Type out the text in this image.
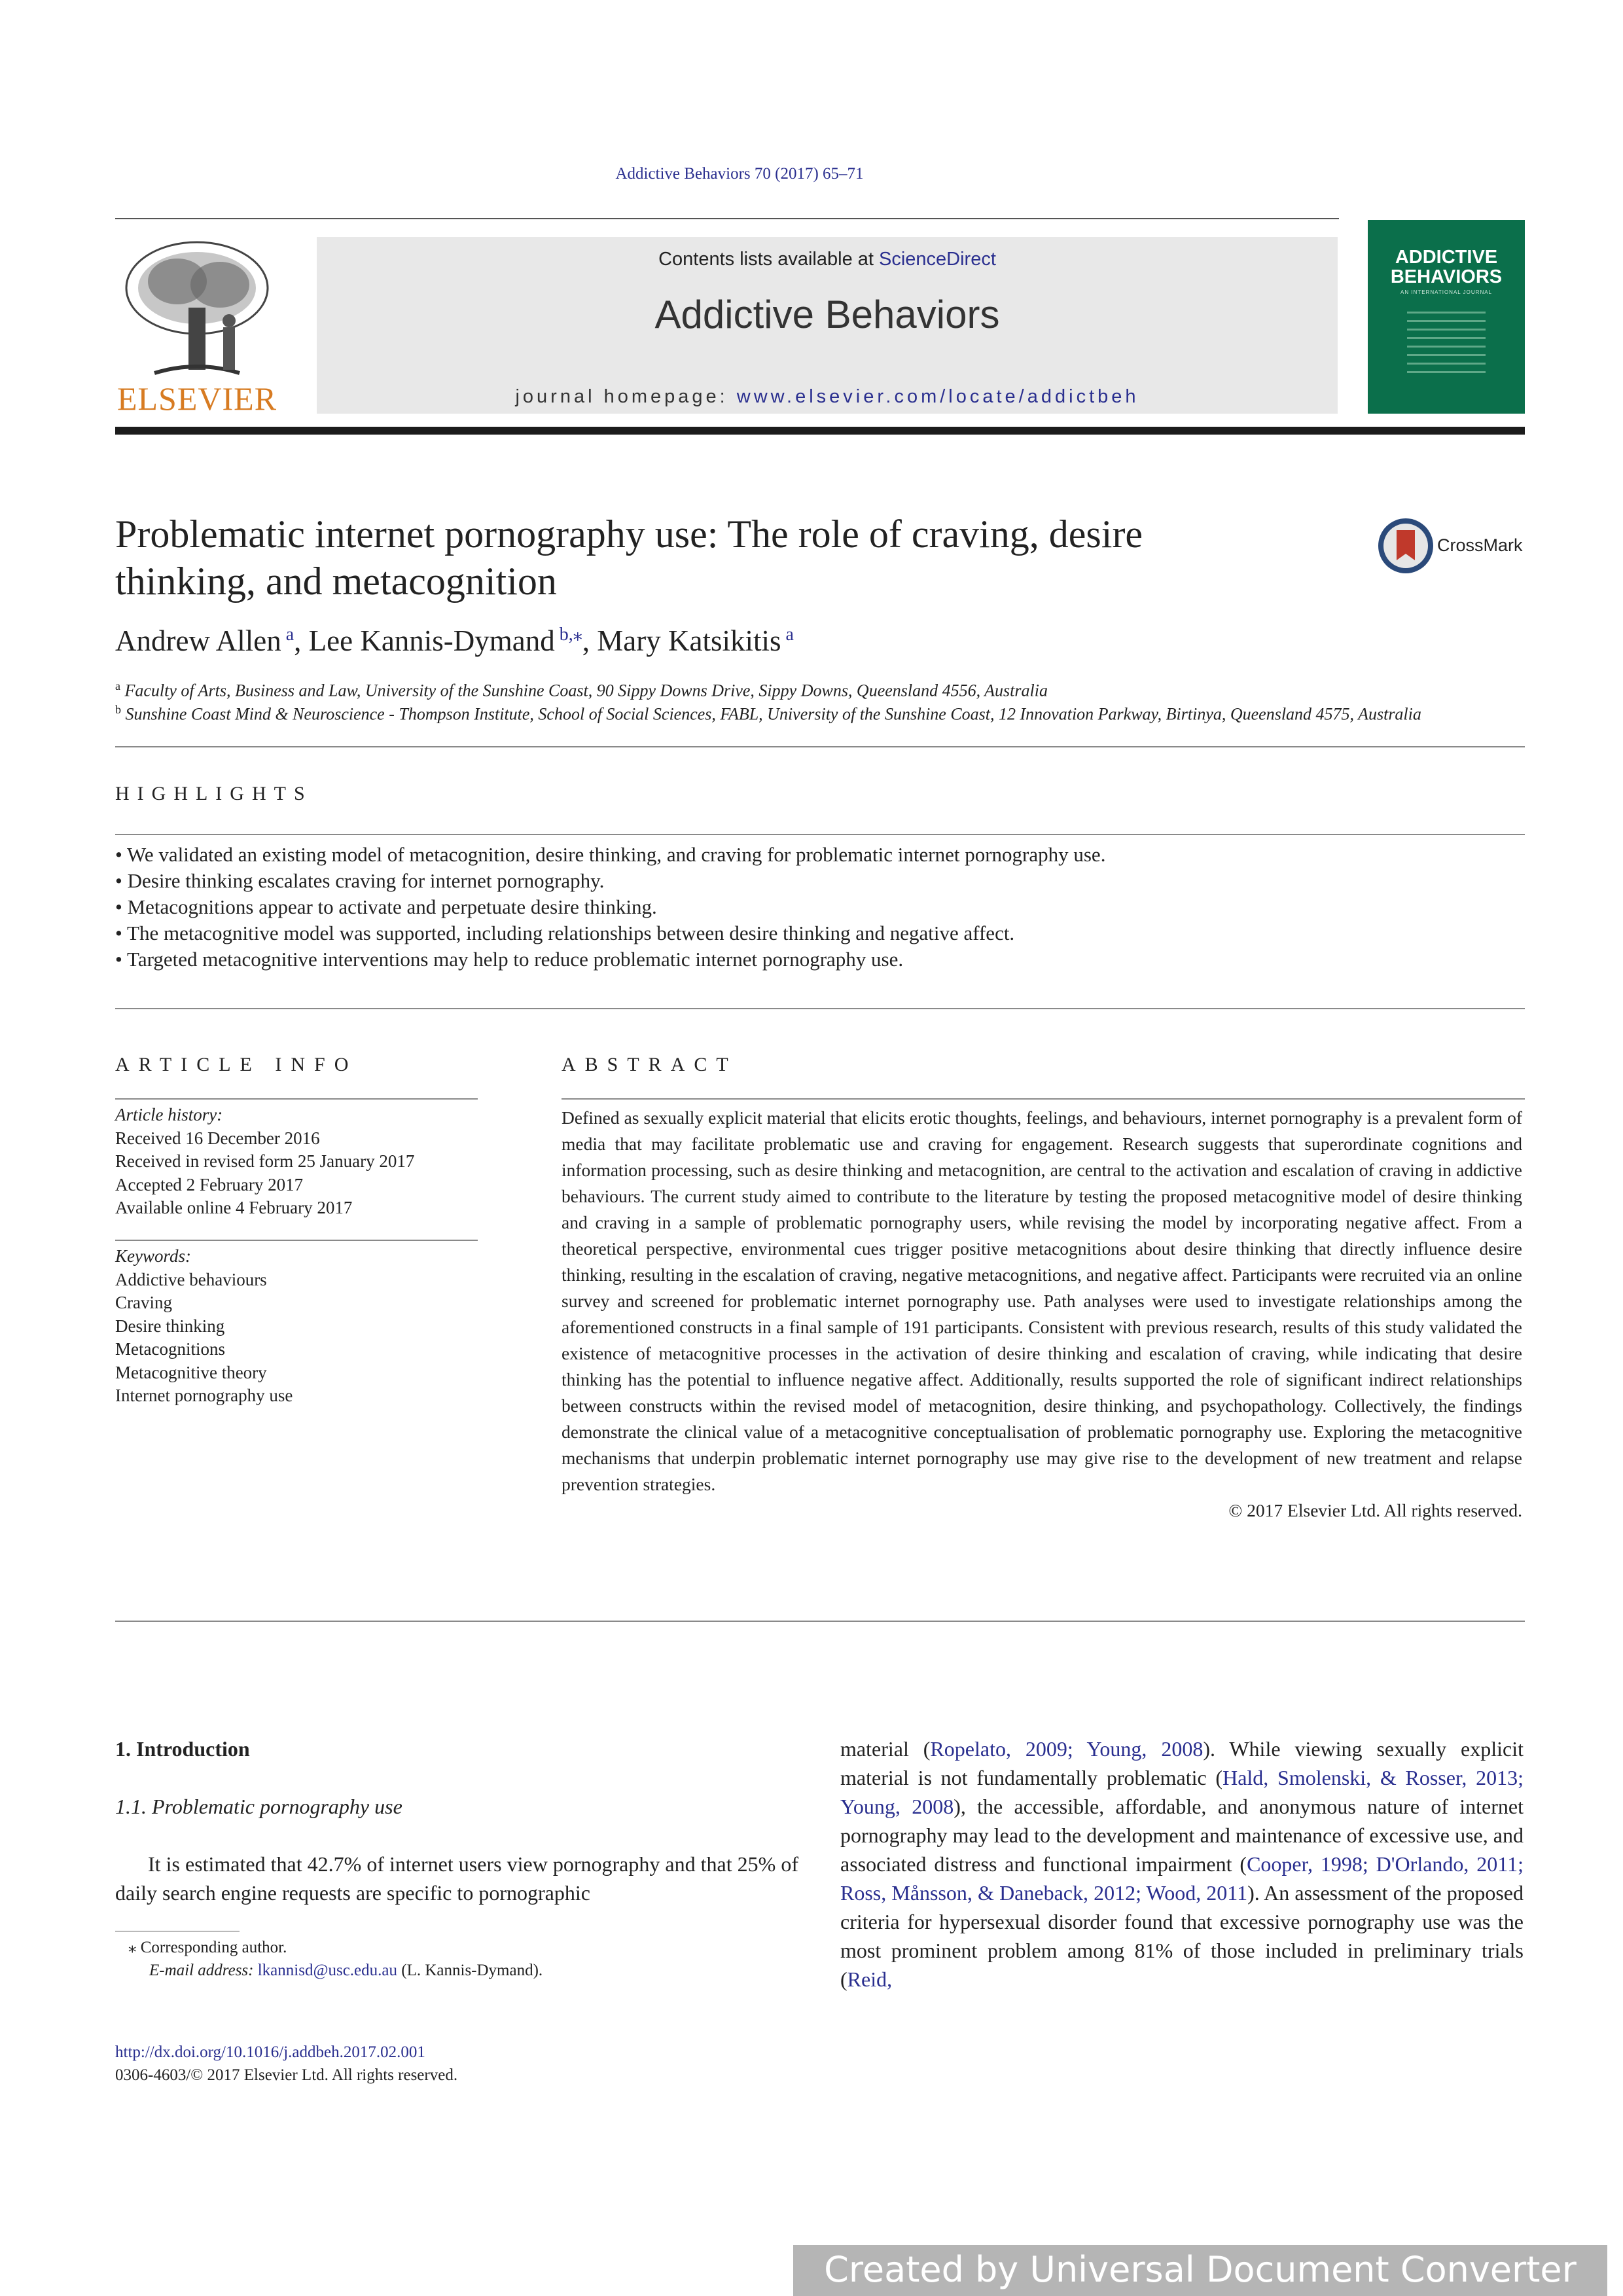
Addictive Behaviors 70 (2017) 65–71
ELSEVIER
Contents lists available at ScienceDirect
Addictive Behaviors
journal homepage: www.elsevier.com/locate/addictbeh
ADDICTIVE
BEHAVIORS
AN INTERNATIONAL JOURNAL
Problematic internet pornography use: The role of craving, desire
thinking, and metacognition
CrossMark
Andrew Allen $^a$, Lee Kannis-Dymand $^{b,⁎}$, Mary Katsikitis $^a$
$^a$ Faculty of Arts, Business and Law, University of the Sunshine Coast, 90 Sippy Downs Drive, Sippy Downs, Queensland 4556, Australia
$^b$ Sunshine Coast Mind & Neuroscience - Thompson Institute, School of Social Sciences, FABL, University of the Sunshine Coast, 12 Innovation Parkway, Birtinya, Queensland 4575, Australia
HIGHLIGHTS
• We validated an existing model of metacognition, desire thinking, and craving for problematic internet pornography use.
• Desire thinking escalates craving for internet pornography.
• Metacognitions appear to activate and perpetuate desire thinking.
• The metacognitive model was supported, including relationships between desire thinking and negative affect.
• Targeted metacognitive interventions may help to reduce problematic internet pornography use.
ARTICLE INFO
Article history:
Received 16 December 2016
Received in revised form 25 January 2017
Accepted 2 February 2017
Available online 4 February 2017
Keywords:
Addictive behaviours
Craving
Desire thinking
Metacognitions
Metacognitive theory
Internet pornography use
ABSTRACT

Defined as sexually explicit material that elicits erotic thoughts, feelings, and behaviours, internet pornography is a prevalent form of media that may facilitate problematic use and craving for engagement. Research suggests that superordinate cognitions and information processing, such as desire thinking and metacognition, are central to the activation and escalation of craving in addictive behaviours. The current study aimed to contribute to the literature by testing the proposed metacognitive model of desire thinking and craving in a sample of problematic pornography users, while revising the model by incorporating negative affect. From a theoretical perspective, environmental cues trigger positive metacognitions about desire thinking that directly influence desire thinking, resulting in the escalation of craving, negative metacognitions, and negative affect. Participants were recruited via an online survey and screened for problematic internet pornography use. Path analyses were used to investigate relationships among the aforementioned constructs in a final sample of 191 participants. Consistent with previous research, results of this study validated the existence of metacognitive processes in the activation of desire thinking and escalation of craving, while indicating that desire thinking has the potential to influence negative affect. Additionally, results supported the role of significant indirect relationships between constructs within the revised model of metacognition, desire thinking, and psychopathology. Collectively, the findings demonstrate the clinical value of a metacognitive conceptualisation of problematic pornography use. Exploring the metacognitive mechanisms that underpin problematic internet pornography use may give rise to the development of new treatment and relapse prevention strategies.

© 2017 Elsevier Ltd. All rights reserved.

1. Introduction
1.1. Problematic pornography use
It is estimated that 42.7% of internet users view pornography and that 25% of daily search engine requests are specific to pornographic
⁎ Corresponding author.
E-mail address: lkannisd@usc.edu.au (L. Kannis-Dymand).
http://dx.doi.org/10.1016/j.addbeh.2017.02.001
0306-4603/© 2017 Elsevier Ltd. All rights reserved.
material (Ropelato, 2009; Young, 2008). While viewing sexually explicit material is not fundamentally problematic (Hald, Smolenski, & Rosser, 2013; Young, 2008), the accessible, affordable, and anonymous nature of internet pornography may lead to the development and maintenance of excessive use, and associated distress and functional impairment (Cooper, 1998; D'Orlando, 2011; Ross, Månsson, & Daneback, 2012; Wood, 2011). An assessment of the proposed criteria for hypersexual disorder found that excessive pornography use was the most prominent problem among 81% of those included in preliminary trials (Reid,
Created by Universal Document Converter
